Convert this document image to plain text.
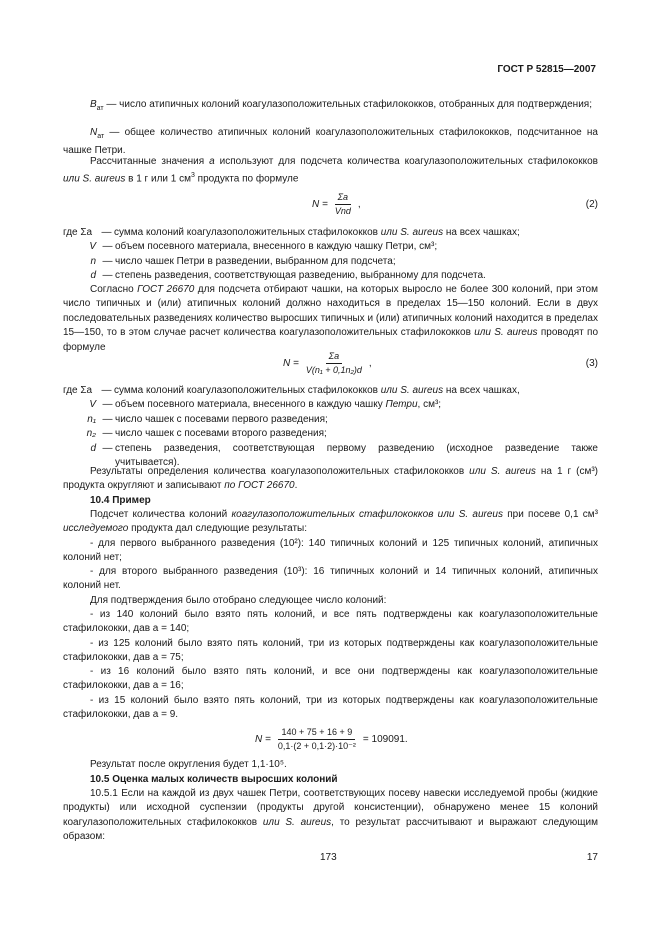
ГОСТ Р 52815—2007

$В_{ат}$ — число атипичных колоний коагулазоположительных стафилококков, отобранных для подтверждения;

$N_{ат}$ — общее количество атипичных колоний коагулазоположительных стафилококков, подсчитанное на чашке Петри.

Рассчитанные значения а используют для подсчета количества коагулазоположительных стафилококков или S. aureus в 1 г или 1 $см^3$ продукта по формуле

$N = \frac{\Sigma a}{\text{Vnd}}$ ,	(2)
где Σа — сумма колоний коагулазоположительных стафилококков или S. aureus на всех чашках;
V — объем посевного материала, внесенного в каждую чашку Петри, см³;
n — число чашек Петри в разведении, выбранном для подсчета;
d — степень разведения, соответствующая разведению, выбранному для подсчета.

Согласно ГОСТ 26670 для подсчета отбирают чашки, на которых выросло не более 300 колоний, при этом число типичных и (или) атипичных колоний должно находиться в пределах 15—150 колоний. Если в двух последовательных разведениях количество выросших типичных и (или) атипичных колоний находится в пределах 15—150, то в этом случае расчет количества коагулазоположительных стафилококков или S. aureus проводят по формуле

$N = \frac{\Sigma a}{\text{V(n₁ + 0,1n₂)d}}$ ,	(3)
где Σа — сумма колоний коагулазоположительных стафилококков или S. aureus на всех чашках,
V — объем посевного материала, внесенного в каждую чашку Петри, см³;
n₁ — число чашек с посевами первого разведения;
n₂ — число чашек с посевами второго разведения;
d — степень разведения, соответствующая первому разведению (исходное разведение также учитывается).

Результаты определения количества коагулазоположительных стафилококков или S. aureus на 1 г (см³) продукта округляют и записывают по ГОСТ 26670.

10.4 Пример

Подсчет количества колоний коагулазоположительных стафилококков или S. aureus при посеве 0,1 см³ исследуемого продукта дал следующие результаты:

- для первого выбранного разведения (10²): 140 типичных колоний и 125 типичных колоний, атипичных колоний нет;

- для второго выбранного разведения (10³): 16 типичных колоний и 14 типичных колоний, атипичных колоний нет.

Для подтверждения было отобрано следующее число колоний:

- из 140 колоний было взято пять колоний, и все пять подтверждены как коагулазоположительные стафилококки, дав а = 140;

- из 125 колоний было взято пять колоний, три из которых подтверждены как коагулазоположительные стафилококки, дав а = 75;

- из 16 колоний было взято пять колоний, и все они подтверждены как коагулазоположительные стафилококки, дав а = 16;

- из 15 колоний было взято пять колоний, три из которых подтверждены как коагулазоположительные стафилококки, дав а = 9.

$N = \frac{140 + 75 + 16 + 9}{\text{0,1·(2 + 0,1·2)·10⁻²}} = 109091$.

Результат после округления будет 1,1·10⁵.

10.5 Оценка малых количеств выросших колоний

10.5.1 Если на каждой из двух чашек Петри, соответствующих посеву навески исследуемой пробы (жидкие продукты) или исходной суспензии (продукты другой консистенции), обнаружено менее 15 колоний коагулазоположительных стафилококков или S. aureus, то результат рассчитывают и выражают следующим образом:

173	17
